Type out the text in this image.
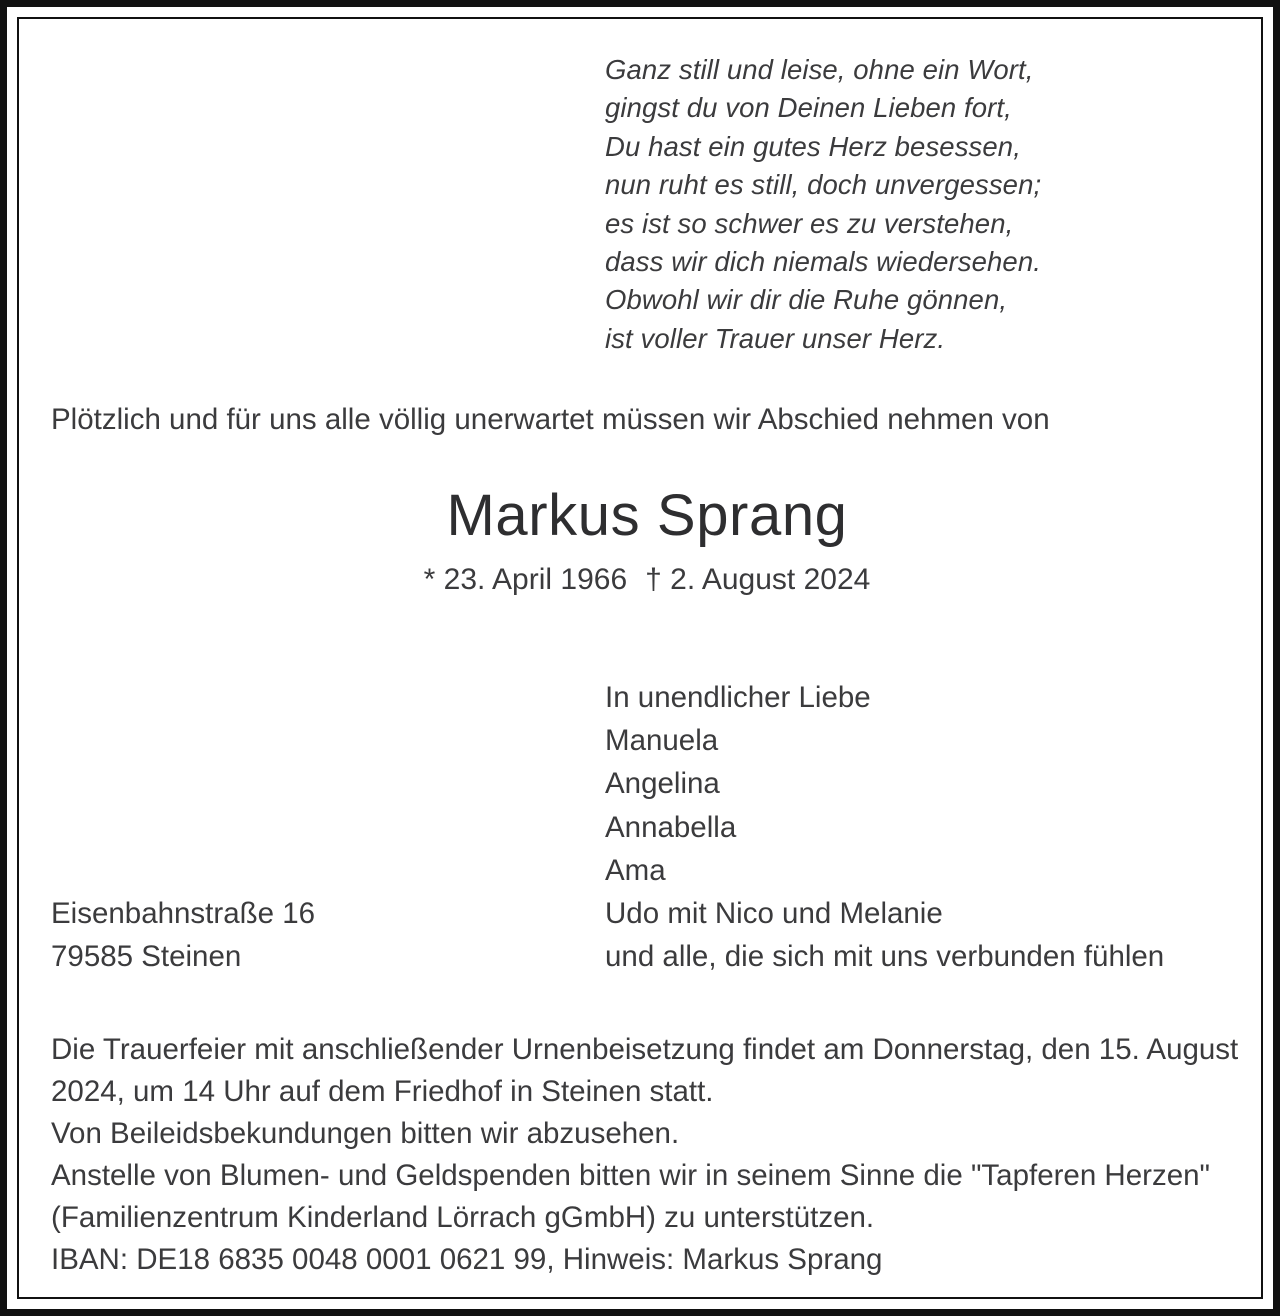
Ganz still und leise, ohne ein Wort,
gingst du von Deinen Lieben fort,
Du hast ein gutes Herz besessen,
nun ruht es still, doch unvergessen;
es ist so schwer es zu verstehen,
dass wir dich niemals wiedersehen.
Obwohl wir dir die Ruhe gönnen,
ist voller Trauer unser Herz.
Plötzlich und für uns alle völlig unerwartet müssen wir Abschied nehmen von
Markus Sprang
* 23. April 1966 † 2. August 2024
In unendlicher Liebe
Manuela
Angelina
Annabella
Ama
Udo mit Nico und Melanie
und alle, die sich mit uns verbunden fühlen
Eisenbahnstraße 16
79585 Steinen
Die Trauerfeier mit anschließender Urnenbeisetzung findet am Donnerstag, den 15. August 2024, um 14 Uhr auf dem Friedhof in Steinen statt.
Von Beileidsbekundungen bitten wir abzusehen.
Anstelle von Blumen- und Geldspenden bitten wir in seinem Sinne die "Tapferen Herzen" (Familienzentrum Kinderland Lörrach gGmbH) zu unterstützen.
IBAN: DE18 6835 0048 0001 0621 99, Hinweis: Markus Sprang
